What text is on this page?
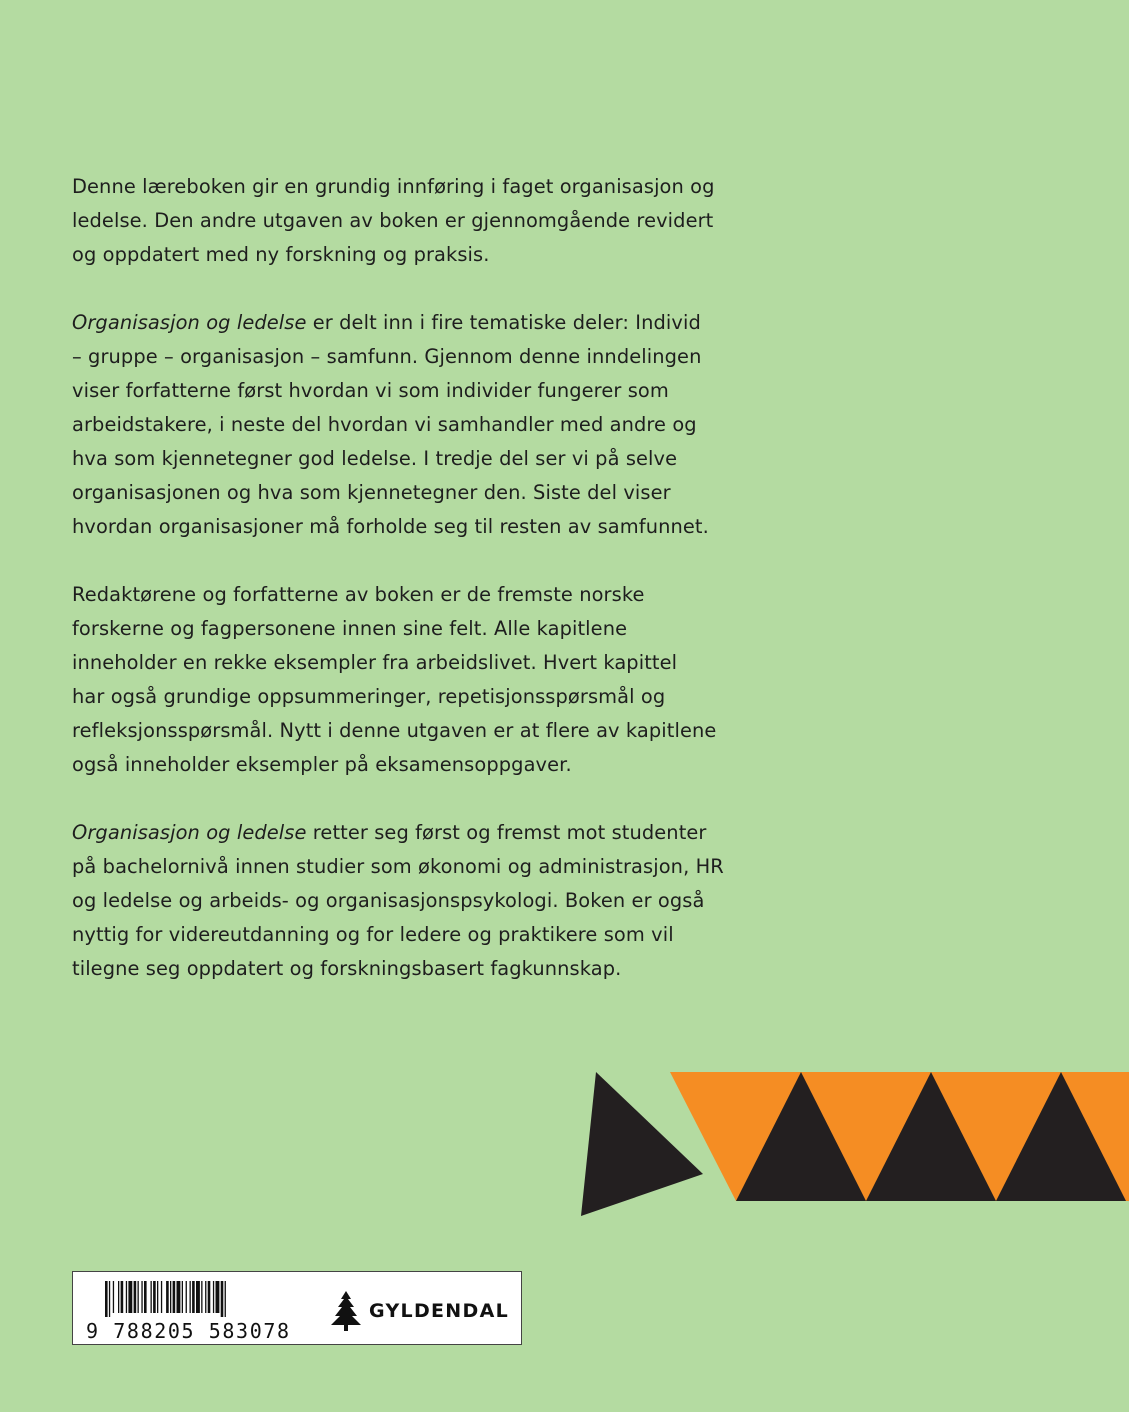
Denne læreboken gir en grundig innføring i faget organisasjon og
ledelse. Den andre utgaven av boken er gjennomgående revidert
og oppdatert med ny forskning og praksis.

Organisasjon og ledelse er delt inn i fire tematiske deler: Individ
– gruppe – organisasjon – samfunn. Gjennom denne inndelingen
viser forfatterne først hvordan vi som individer fungerer som
arbeidstakere, i neste del hvordan vi samhandler med andre og
hva som kjennetegner god ledelse. I tredje del ser vi på selve
organisasjonen og hva som kjennetegner den. Siste del viser
hvordan organisasjoner må forholde seg til resten av samfunnet.

Redaktørene og forfatterne av boken er de fremste norske
forskerne og fagpersonene innen sine felt. Alle kapitlene
inneholder en rekke eksempler fra arbeidslivet. Hvert kapittel
har også grundige oppsummeringer, repetisjonsspørsmål og
refleksjonsspørsmål. Nytt i denne utgaven er at flere av kapitlene
også inneholder eksempler på eksamensoppgaver.

Organisasjon og ledelse retter seg først og fremst mot studenter
på bachelornivå innen studier som økonomi og administrasjon, HR
og ledelse og arbeids- og organisasjonspsykologi. Boken er også
nyttig for videreutdanning og for ledere og praktikere som vil
tilegne seg oppdatert og forskningsbasert fagkunnskap.

9 788205 583078
GYLDENDAL
